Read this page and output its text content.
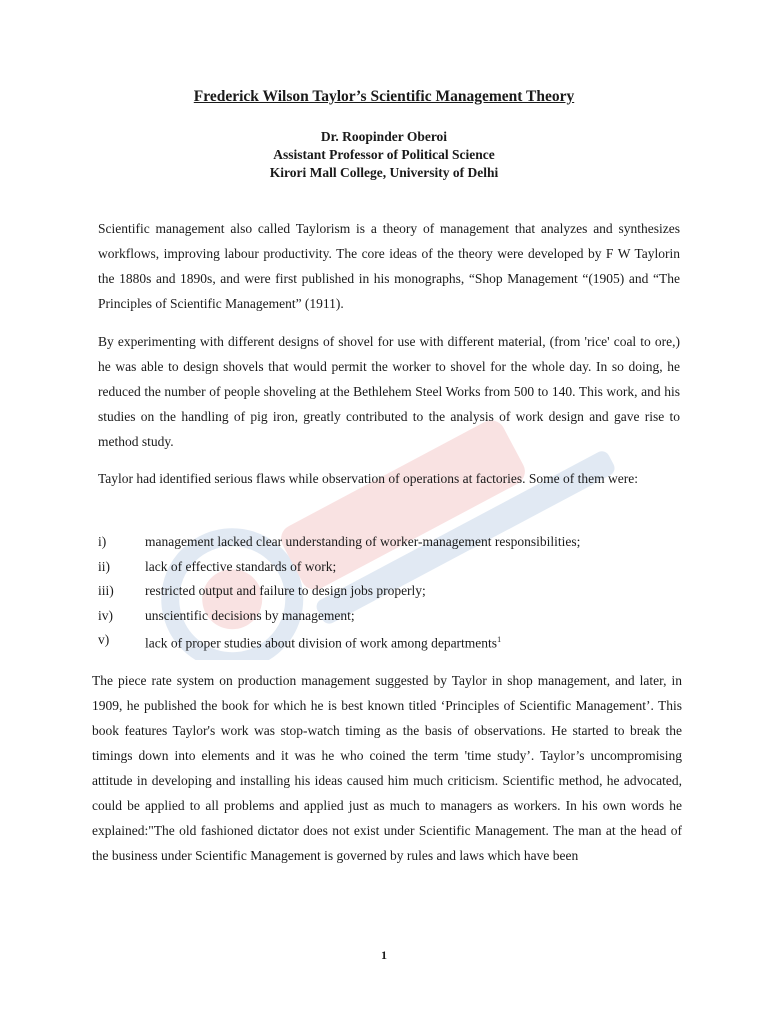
Frederick Wilson Taylor’s Scientific Management Theory
Dr. Roopinder Oberoi
Assistant Professor of Political Science
Kirori Mall College, University of Delhi

Scientific management also called Taylorism is a theory of management that analyzes and synthesizes workflows, improving labour productivity. The core ideas of the theory were developed by F W Taylorin the 1880s and 1890s, and were first published in his monographs, “Shop Management “(1905) and “The Principles of Scientific Management” (1911).

By experimenting with different designs of shovel for use with different material, (from 'rice' coal to ore,) he was able to design shovels that would permit the worker to shovel for the whole day. In so doing, he reduced the number of people shoveling at the Bethlehem Steel Works from 500 to 140. This work, and his studies on the handling of pig iron, greatly contributed to the analysis of work design and gave rise to method study.

Taylor had identified serious flaws while observation of operations at factories. Some of them were:

i)	management lacked clear understanding of worker-management responsibilities;
ii)	lack of effective standards of work;
iii) restricted output and failure to design jobs properly;
iv) unscientific decisions by management;
v)	lack of proper studies about division of work among departments$^1$

The piece rate system on production management suggested by Taylor in shop management, and later, in 1909, he published the book for which he is best known titled ‘Principles of Scientific Management’. This book features Taylor's work was stop-watch timing as the basis of observations. He started to break the timings down into elements and it was he who coined the term 'time study’. Taylor’s uncompromising attitude in developing and installing his ideas caused him much criticism. Scientific method, he advocated, could be applied to all problems and applied just as much to managers as workers. In his own words he explained:"The old fashioned dictator does not exist under Scientific Management. The man at the head of the business under Scientific Management is governed by rules and laws which have been

1
